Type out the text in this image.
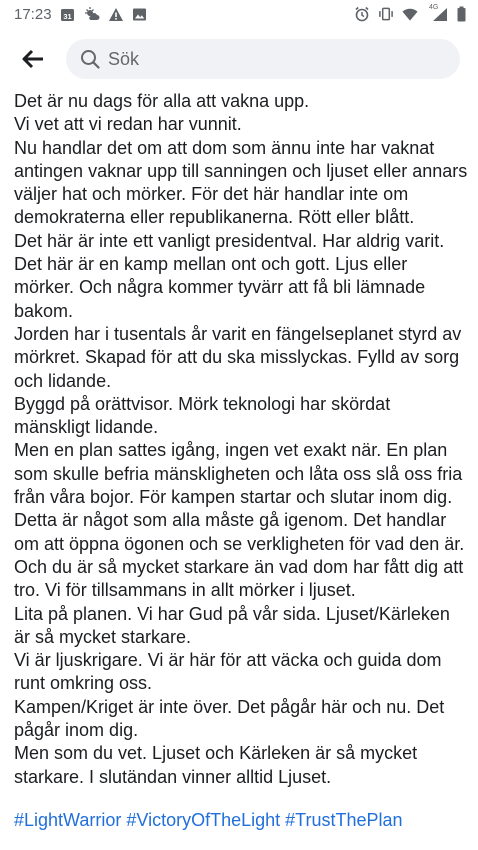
17:23 31
4G
Sök
Det är nu dags för alla att vakna upp.
Vi vet att vi redan har vunnit.
Nu handlar det om att dom som ännu inte har vaknat antingen vaknar upp till sanningen och ljuset eller annars väljer hat och mörker. För det här handlar inte om demokraterna eller republikanerna. Rött eller blått.
Det här är inte ett vanligt presidentval. Har aldrig varit.
Det här är en kamp mellan ont och gott. Ljus eller mörker. Och några kommer tyvärr att få bli lämnade bakom.
Jorden har i tusentals år varit en fängelseplanet styrd av mörkret. Skapad för att du ska misslyckas. Fylld av sorg och lidande.
Byggd på orättvisor. Mörk teknologi har skördat mänskligt lidande.
Men en plan sattes igång, ingen vet exakt när. En plan som skulle befria mänskligheten och låta oss slå oss fria från våra bojor. För kampen startar och slutar inom dig. Detta är något som alla måste gå igenom. Det handlar om att öppna ögonen och se verkligheten för vad den är. Och du är så mycket starkare än vad dom har fått dig att tro. Vi för tillsammans in allt mörker i ljuset.
Lita på planen. Vi har Gud på vår sida. Ljuset/Kärleken är så mycket starkare.
Vi är ljuskrigare. Vi är här för att väcka och guida dom runt omkring oss.
Kampen/Kriget är inte över. Det pågår här och nu. Det pågår inom dig.
Men som du vet. Ljuset och Kärleken är så mycket starkare. I slutändan vinner alltid Ljuset.
#LightWarrior #VictoryOfTheLight #TrustThePlan
